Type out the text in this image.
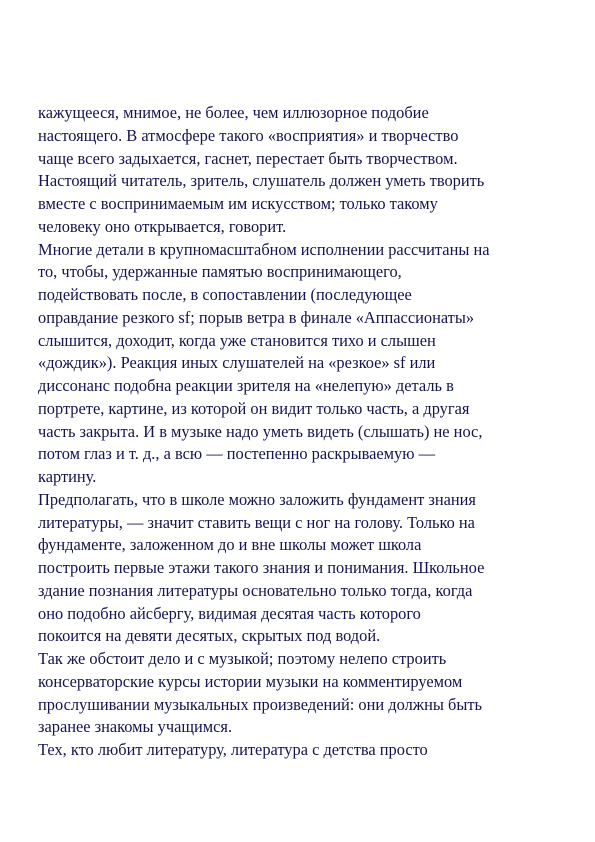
кажущееся, мнимое, не более, чем иллюзорное подобие
настоящего. В атмосфере такого «восприятия» и творчество
чаще всего задыхается, гаснет, перестает быть творчеством.
Настоящий читатель, зритель, слушатель должен уметь творить
вместе с воспринимаемым им искусством; только такому
человеку оно открывается, говорит.
Многие детали в крупномасштабном исполнении рассчитаны на
то, чтобы, удержанные памятью воспринимающего,
подействовать после, в сопоставлении (последующее
оправдание резкого sf; порыв ветра в финале «Аппассионаты»
слышится, доходит, когда уже становится тихо и слышен
«дождик»). Реакция иных слушателей на «резкое» sf или
диссонанс подобна реакции зрителя на «нелепую» деталь в
портрете, картине, из которой он видит только часть, а другая
часть закрыта. И в музыке надо уметь видеть (слышать) не нос,
потом глаз и т. д., а всю — постепенно раскрываемую —
картину.
Предполагать, что в школе можно заложить фундамент знания
литературы, — значит ставить вещи с ног на голову. Только на
фундаменте, заложенном до и вне школы может школа
построить первые этажи такого знания и понимания. Школьное
здание познания литературы основательно только тогда, когда
оно подобно айсбергу, видимая десятая часть которого
покоится на девяти десятых, скрытых под водой.
Так же обстоит дело и с музыкой; поэтому нелепо строить
консерваторские курсы истории музыки на комментируемом
прослушивании музыкальных произведений: они должны быть
заранее знакомы учащимся.
Тех, кто любит литературу, литература с детства просто
